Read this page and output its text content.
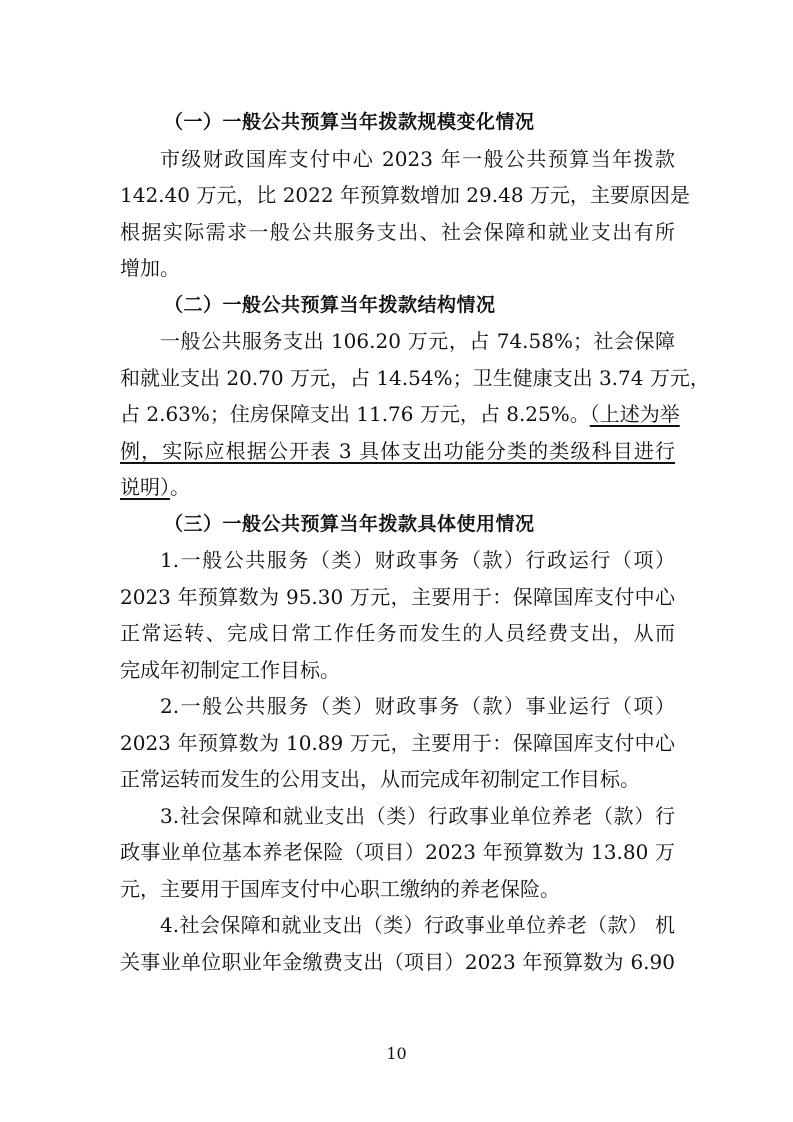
（一）一般公共预算当年拨款规模变化情况
市级财政国库支付中心 2023 年一般公共预算当年拨款
142.40 万元，比 2022 年预算数增加 29.48 万元，主要原因是
根据实际需求一般公共服务支出、社会保障和就业支出有所
增加。
（二）一般公共预算当年拨款结构情况
一般公共服务支出 106.20 万元，占 74.58%；社会保障
和就业支出 20.70 万元，占 14.54%；卫生健康支出 3.74 万元，
占 2.63%；住房保障支出 11.76 万元，占 8.25%。（上述为举
例，实际应根据公开表 3 具体支出功能分类的类级科目进行
说明）。
（三）一般公共预算当年拨款具体使用情况
1.一般公共服务（类）财政事务（款）行政运行（项）
2023 年预算数为 95.30 万元，主要用于：保障国库支付中心
正常运转、完成日常工作任务而发生的人员经费支出，从而
完成年初制定工作目标。
2.一般公共服务（类）财政事务（款）事业运行（项）
2023 年预算数为 10.89 万元，主要用于：保障国库支付中心
正常运转而发生的公用支出，从而完成年初制定工作目标。
3.社会保障和就业支出（类）行政事业单位养老（款）行
政事业单位基本养老保险（项目）2023 年预算数为 13.80 万
元，主要用于国库支付中心职工缴纳的养老保险。
4.社会保障和就业支出（类）行政事业单位养老（款） 机
关事业单位职业年金缴费支出（项目）2023 年预算数为 6.90
10
